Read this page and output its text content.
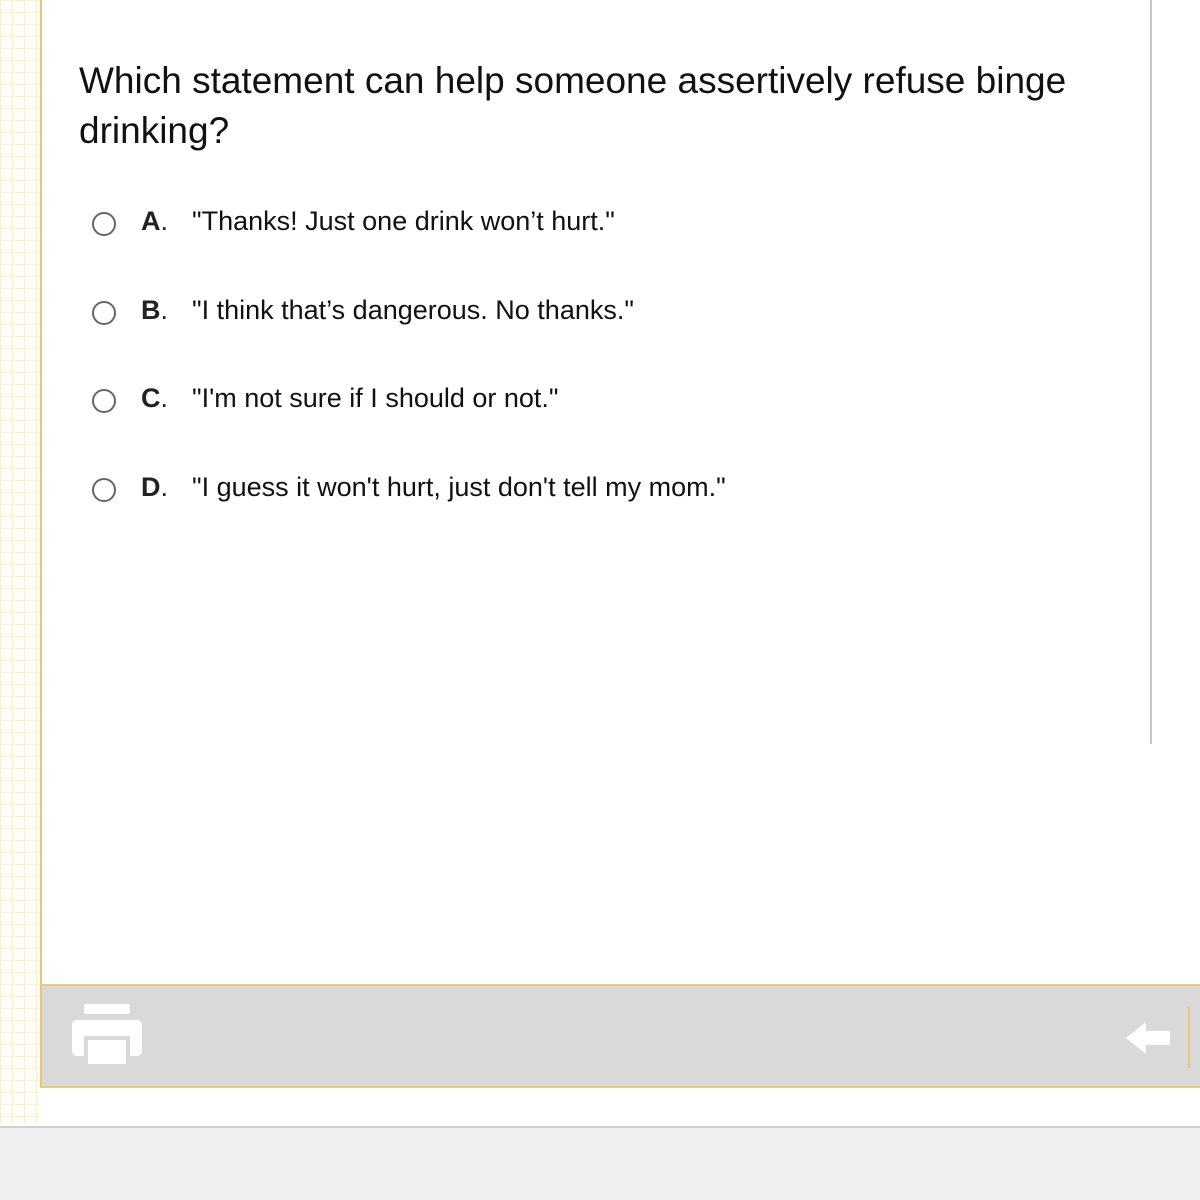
Which statement can help someone assertively refuse binge drinking?
A . "Thanks! Just one drink won’t hurt."
B . "I think that’s dangerous. No thanks."
C . "I'm not sure if I should or not."
D . "I guess it won't hurt, just don't tell my mom."
